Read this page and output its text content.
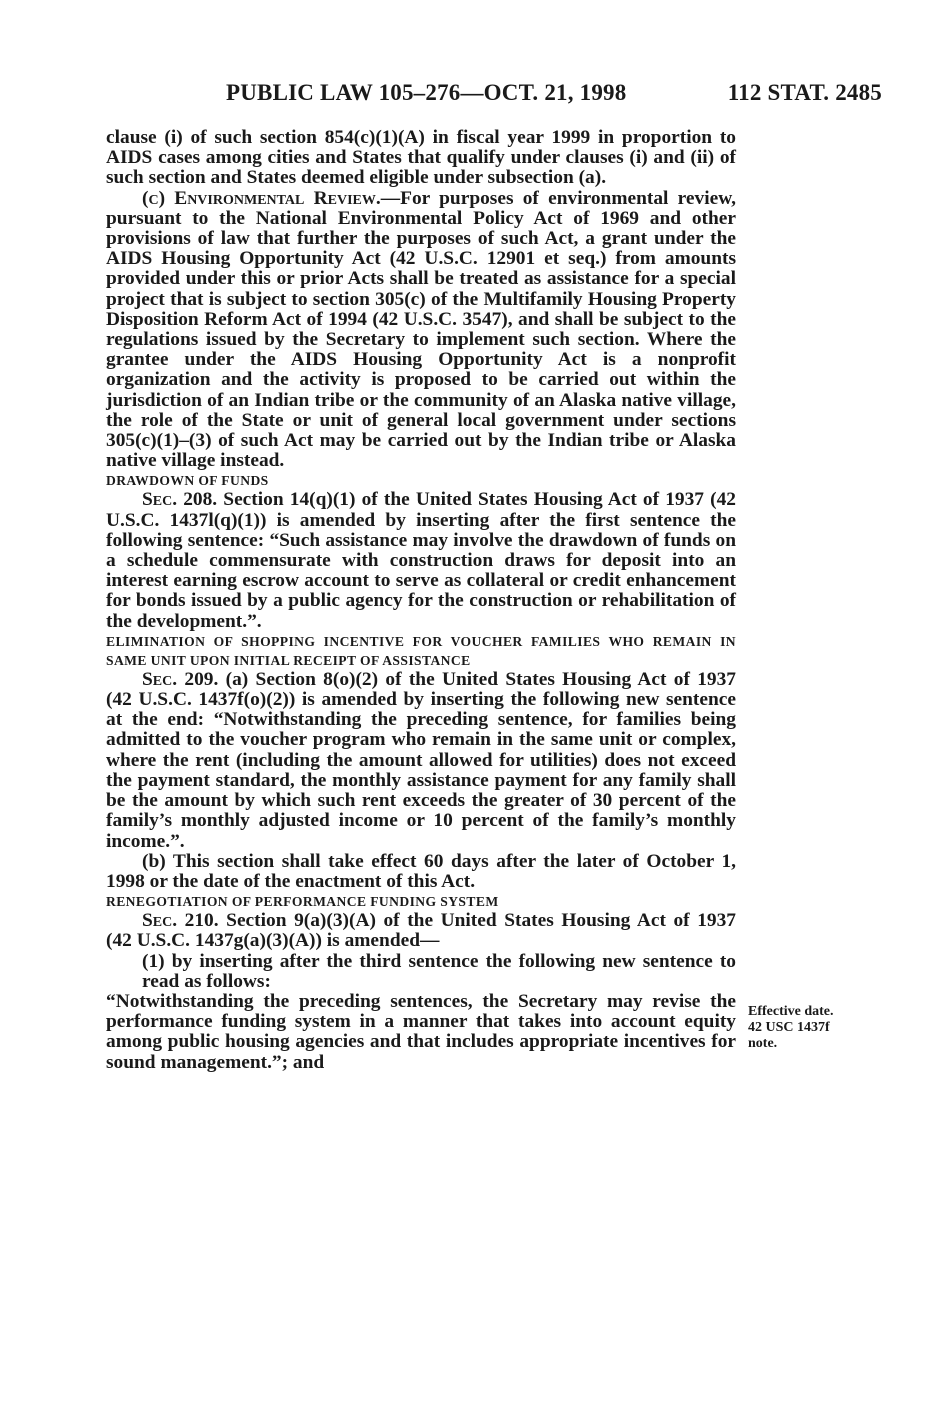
PUBLIC LAW 105–276—OCT. 21, 1998	112 STAT. 2485

clause (i) of such section 854(c)(1)(A) in fiscal year 1999 in proportion to AIDS cases among cities and States that qualify under clauses (i) and (ii) of such section and States deemed eligible under subsection (a).

(c) Environmental Review.—For purposes of environmental review, pursuant to the National Environmental Policy Act of 1969 and other provisions of law that further the purposes of such Act, a grant under the AIDS Housing Opportunity Act (42 U.S.C. 12901 et seq.) from amounts provided under this or prior Acts shall be treated as assistance for a special project that is subject to section 305(c) of the Multifamily Housing Property Disposition Reform Act of 1994 (42 U.S.C. 3547), and shall be subject to the regulations issued by the Secretary to implement such section. Where the grantee under the AIDS Housing Opportunity Act is a nonprofit organization and the activity is proposed to be carried out within the jurisdiction of an Indian tribe or the community of an Alaska native village, the role of the State or unit of general local government under sections 305(c)(1)–(3) of such Act may be carried out by the Indian tribe or Alaska native village instead.

DRAWDOWN OF FUNDS

Sec. 208. Section 14(q)(1) of the United States Housing Act of 1937 (42 U.S.C. 1437l(q)(1)) is amended by inserting after the first sentence the following sentence: “Such assistance may involve the drawdown of funds on a schedule commensurate with construction draws for deposit into an interest earning escrow account to serve as collateral or credit enhancement for bonds issued by a public agency for the construction or rehabilitation of the development.”.

ELIMINATION OF SHOPPING INCENTIVE FOR VOUCHER FAMILIES WHO REMAIN IN SAME UNIT UPON INITIAL RECEIPT OF ASSISTANCE

Sec. 209. (a) Section 8(o)(2) of the United States Housing Act of 1937 (42 U.S.C. 1437f(o)(2)) is amended by inserting the following new sentence at the end: “Notwithstanding the preceding sentence, for families being admitted to the voucher program who remain in the same unit or complex, where the rent (including the amount allowed for utilities) does not exceed the payment standard, the monthly assistance payment for any family shall be the amount by which such rent exceeds the greater of 30 percent of the family’s monthly adjusted income or 10 percent of the family’s monthly income.”.

(b) This section shall take effect 60 days after the later of October 1, 1998 or the date of the enactment of this Act.

RENEGOTIATION OF PERFORMANCE FUNDING SYSTEM

Sec. 210. Section 9(a)(3)(A) of the United States Housing Act of 1937 (42 U.S.C. 1437g(a)(3)(A)) is amended—

(1) by inserting after the third sentence the following new sentence to read as follows:

“Notwithstanding the preceding sentences, the Secretary may revise the performance funding system in a manner that takes into account equity among public housing agencies and that includes appropriate incentives for sound management.”; and

Effective date.
42 USC 1437f
note.
